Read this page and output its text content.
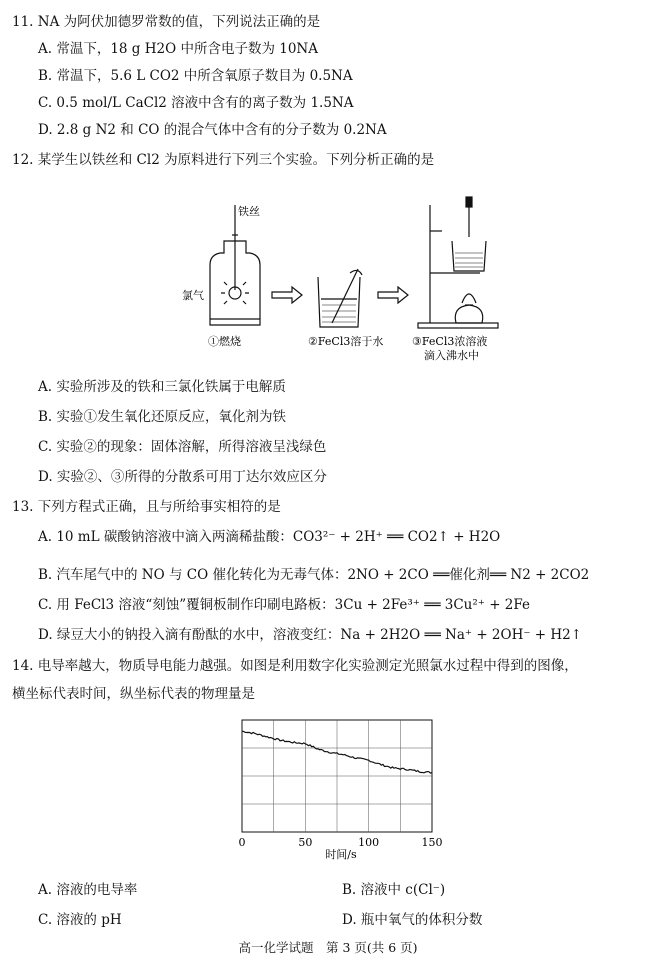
11. NA 为阿伏加德罗常数的值，下列说法正确的是
A. 常温下，18 g H2O 中所含电子数为 10NA
B. 常温下，5.6 L CO2 中所含氧原子数目为 0.5NA
C. 0.5 mol/L CaCl2 溶液中含有的离子数为 1.5NA
D. 2.8 g N2 和 CO 的混合气体中含有的分子数为 0.2NA
12. 某学生以铁丝和 Cl2 为原料进行下列三个实验。下列分析正确的是
铁丝
氯气
①燃烧	②FeCl3溶于水	③FeCl3浓溶液
滴入沸水中
A. 实验所涉及的铁和三氯化铁属于电解质
B. 实验①发生氧化还原反应，氧化剂为铁
C. 实验②的现象：固体溶解，所得溶液呈浅绿色
D. 实验②、③所得的分散系可用丁达尔效应区分
13. 下列方程式正确，且与所给事实相符的是
A. 10 mL 碳酸钠溶液中滴入两滴稀盐酸：CO3²⁻ + 2H⁺ ══ CO2↑ + H2O
B. 汽车尾气中的 NO 与 CO 催化转化为无毒气体：2NO + 2CO ══催化剂══ N2 + 2CO2
C. 用 FeCl3 溶液“刻蚀”覆铜板制作印刷电路板：3Cu + 2Fe³⁺ ══ 3Cu²⁺ + 2Fe
D. 绿豆大小的钠投入滴有酚酞的水中，溶液变红：Na + 2H2O ══ Na⁺ + 2OH⁻ + H2↑
14. 电导率越大，物质导电能力越强。如图是利用数字化实验测定光照氯水过程中得到的图像，
横坐标代表时间，纵坐标代表的物理量是
0	50	100	150
时间/s
A. 溶液的电导率	B. 溶液中 c(Cl⁻)
C. 溶液的 pH	D. 瓶中氧气的体积分数
高一化学试题　第 3 页(共 6 页)
